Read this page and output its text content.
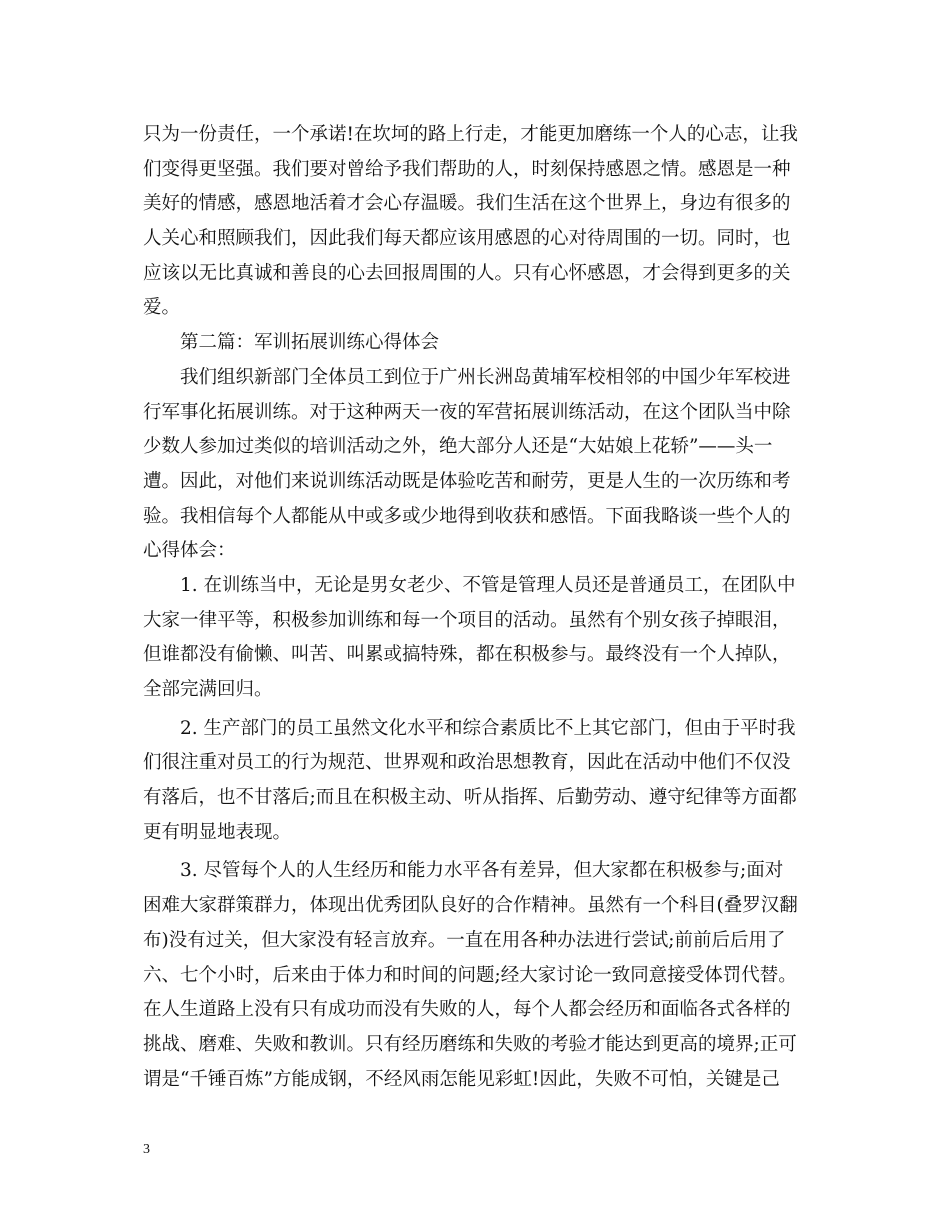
只为一份责任，一个承诺!在坎坷的路上行走，才能更加磨练一个人的心志，让我
们变得更坚强。我们要对曾给予我们帮助的人，时刻保持感恩之情。感恩是一种
美好的情感，感恩地活着才会心存温暖。我们生活在这个世界上，身边有很多的
人关心和照顾我们，因此我们每天都应该用感恩的心对待周围的一切。同时，也
应该以无比真诚和善良的心去回报周围的人。只有心怀感恩，才会得到更多的关
爱。
第二篇：军训拓展训练心得体会
我们组织新部门全体员工到位于广州长洲岛黄埔军校相邻的中国少年军校进
行军事化拓展训练。对于这种两天一夜的军营拓展训练活动，在这个团队当中除
少数人参加过类似的培训活动之外，绝大部分人还是“大姑娘上花轿”——头一
遭。因此，对他们来说训练活动既是体验吃苦和耐劳，更是人生的一次历练和考
验。我相信每个人都能从中或多或少地得到收获和感悟。下面我略谈一些个人的
心得体会：
1. 在训练当中，无论是男女老少、不管是管理人员还是普通员工，在团队中
大家一律平等，积极参加训练和每一个项目的活动。虽然有个别女孩子掉眼泪，
但谁都没有偷懒、叫苦、叫累或搞特殊，都在积极参与。最终没有一个人掉队，
全部完满回归。
2. 生产部门的员工虽然文化水平和综合素质比不上其它部门，但由于平时我
们很注重对员工的行为规范、世界观和政治思想教育，因此在活动中他们不仅没
有落后，也不甘落后;而且在积极主动、听从指挥、后勤劳动、遵守纪律等方面都
更有明显地表现。
3. 尽管每个人的人生经历和能力水平各有差异，但大家都在积极参与;面对
困难大家群策群力，体现出优秀团队良好的合作精神。虽然有一个科目(叠罗汉翻
布)没有过关，但大家没有轻言放弃。一直在用各种办法进行尝试;前前后后用了
六、七个小时，后来由于体力和时间的问题;经大家讨论一致同意接受体罚代替。
在人生道路上没有只有成功而没有失败的人，每个人都会经历和面临各式各样的
挑战、磨难、失败和教训。只有经历磨练和失败的考验才能达到更高的境界;正可
谓是“千锤百炼”方能成钢，不经风雨怎能见彩虹!因此，失败不可怕，关键是己
3
